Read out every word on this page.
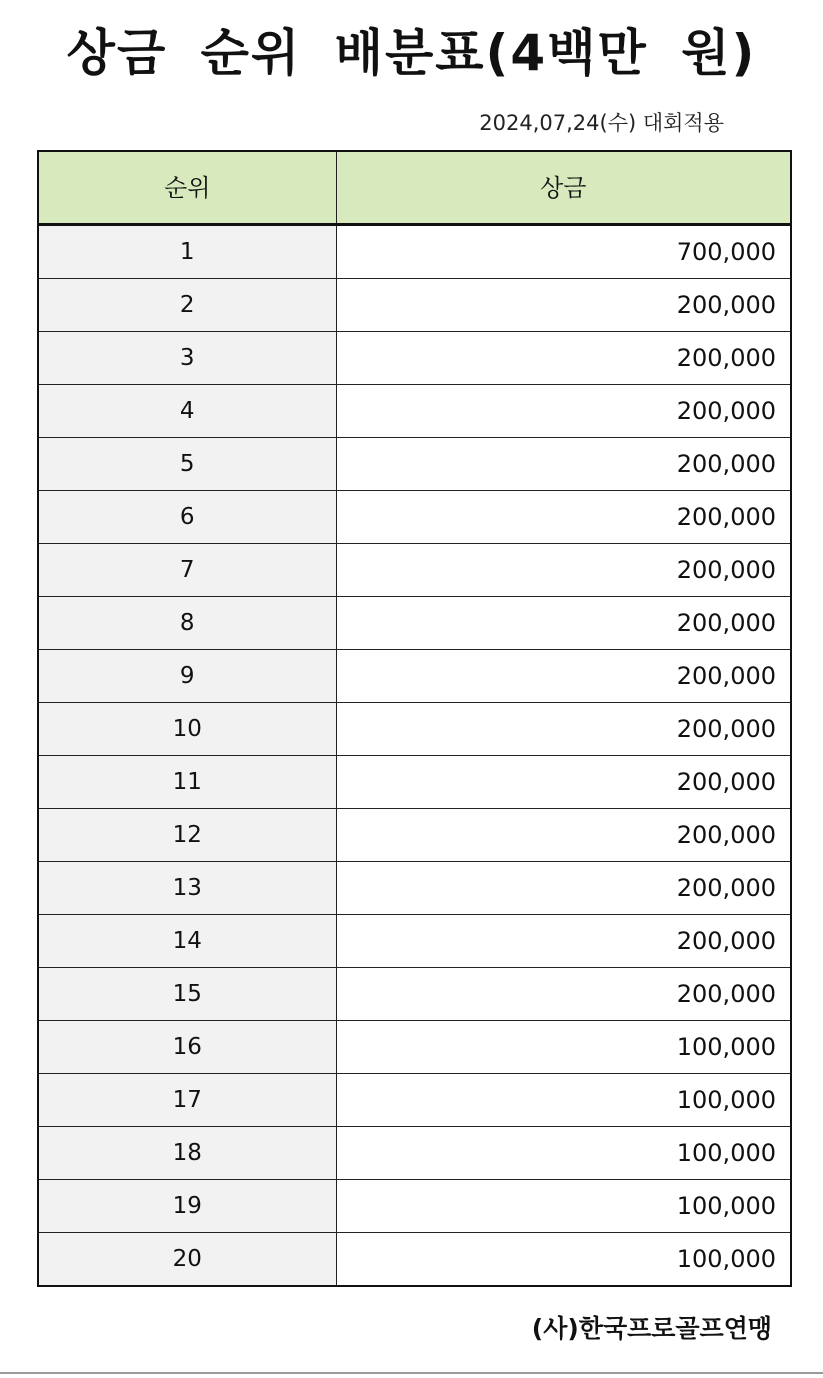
상금 순위 배분표(4백만 원)
2024,07,24(수) 대회적용
순위	상금
1	700,000
2	200,000
3	200,000
4	200,000
5	200,000
6	200,000
7	200,000
8	200,000
9	200,000
10	200,000
11	200,000
12	200,000
13	200,000
14	200,000
15	200,000
16	100,000
17	100,000
18	100,000
19	100,000
20	100,000
(사)한국프로골프연맹
